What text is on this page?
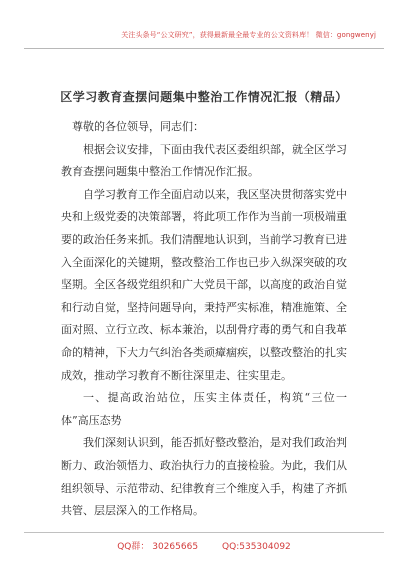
关注头条号“公文研究”，获得最新最全最专业的公文资料库！ 微信：gongwenyj
区学习教育查摆问题集中整治工作情况汇报（精品）

尊敬的各位领导，同志们：

根据会议安排，下面由我代表区委组织部，就全区学习教育查摆问题集中整治工作情况作汇报。

自学习教育工作全面启动以来，我区坚决贯彻落实党中央和上级党委的决策部署，将此项工作作为当前一项极端重要的政治任务来抓。我们清醒地认识到，当前学习教育已进入全面深化的关键期，整改整治工作也已步入纵深突破的攻坚期。全区各级党组织和广大党员干部，以高度的政治自觉和行动自觉，坚持问题导向，秉持严实标准，精准施策、全面对照、立行立改、标本兼治，以刮骨疗毒的勇气和自我革命的精神，下大力气纠治各类顽瘴痼疾，以整改整治的扎实成效，推动学习教育不断往深里走、往实里走。

一、提高政治站位，压实主体责任，构筑“三位一体”高压态势

我们深刻认识到，能否抓好整改整治，是对我们政治判断力、政治领悟力、政治执行力的直接检验。为此，我们从组织领导、示范带动、纪律教育三个维度入手，构建了齐抓共管、层层深入的工作格局。

QQ群： 30265665	QQ:535304092
